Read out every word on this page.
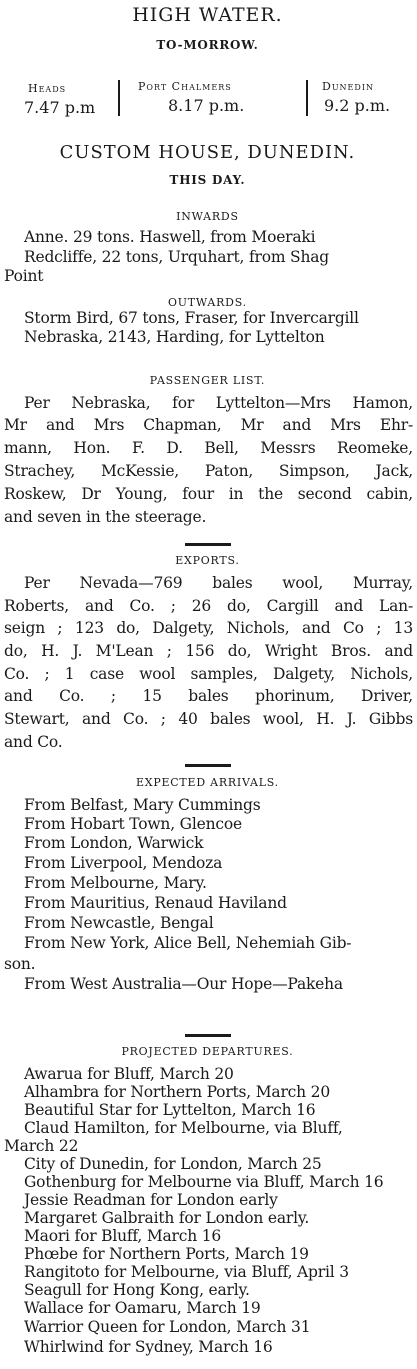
HIGH WATER.
TO-MORROW.
Heads
7.47 p.m
Port Chalmers
8.17 p.m.
Dunedin
9.2 p.m.
CUSTOM HOUSE, DUNEDIN.
THIS DAY.
INWARDS
Anne. 29 tons. Haswell, from Moeraki
Redcliffe, 22 tons, Urquhart, from Shag
Point
OUTWARDS.
Storm Bird, 67 tons, Fraser, for Invercargill
Nebraska, 2143, Harding, for Lyttelton
PASSENGER LIST.
Per Nebraska, for Lyttelton—Mrs Hamon,
Mr and Mrs Chapman, Mr and Mrs Ehr-
mann, Hon. F. D. Bell, Messrs Reomeke,
Strachey, McKessie, Paton, Simpson, Jack,
Roskew, Dr Young, four in the second cabin,
and seven in the steerage.
EXPORTS.
Per Nevada—769 bales wool, Murray,
Roberts, and Co. ; 26 do, Cargill and Lan-
seign ; 123 do, Dalgety, Nichols, and Co ; 13
do, H. J. M'Lean ; 156 do, Wright Bros. and
Co. ; 1 case wool samples, Dalgety, Nichols,
and Co. ; 15 bales phorinum, Driver,
Stewart, and Co. ; 40 bales wool, H. J. Gibbs
and Co.
EXPECTED ARRIVALS.
From Belfast, Mary Cummings
From Hobart Town, Glencoe
From London, Warwick
From Liverpool, Mendoza
From Melbourne, Mary.
From Mauritius, Renaud Haviland
From Newcastle, Bengal
From New York, Alice Bell, Nehemiah Gib-
son.
From West Australia—Our Hope—Pakeha
PROJECTED DEPARTURES.
Awarua for Bluff, March 20
Alhambra for Northern Ports, March 20
Beautiful Star for Lyttelton, March 16
Claud Hamilton, for Melbourne, via Bluff,
March 22
City of Dunedin, for London, March 25
Gothenburg for Melbourne via Bluff, March 16
Jessie Readman for London early
Margaret Galbraith for London early.
Maori for Bluff, March 16
Phœbe for Northern Ports, March 19
Rangitoto for Melbourne, via Bluff, April 3
Seagull for Hong Kong, early.
Wallace for Oamaru, March 19
Warrior Queen for London, March 31
Whirlwind for Sydney, March 16
